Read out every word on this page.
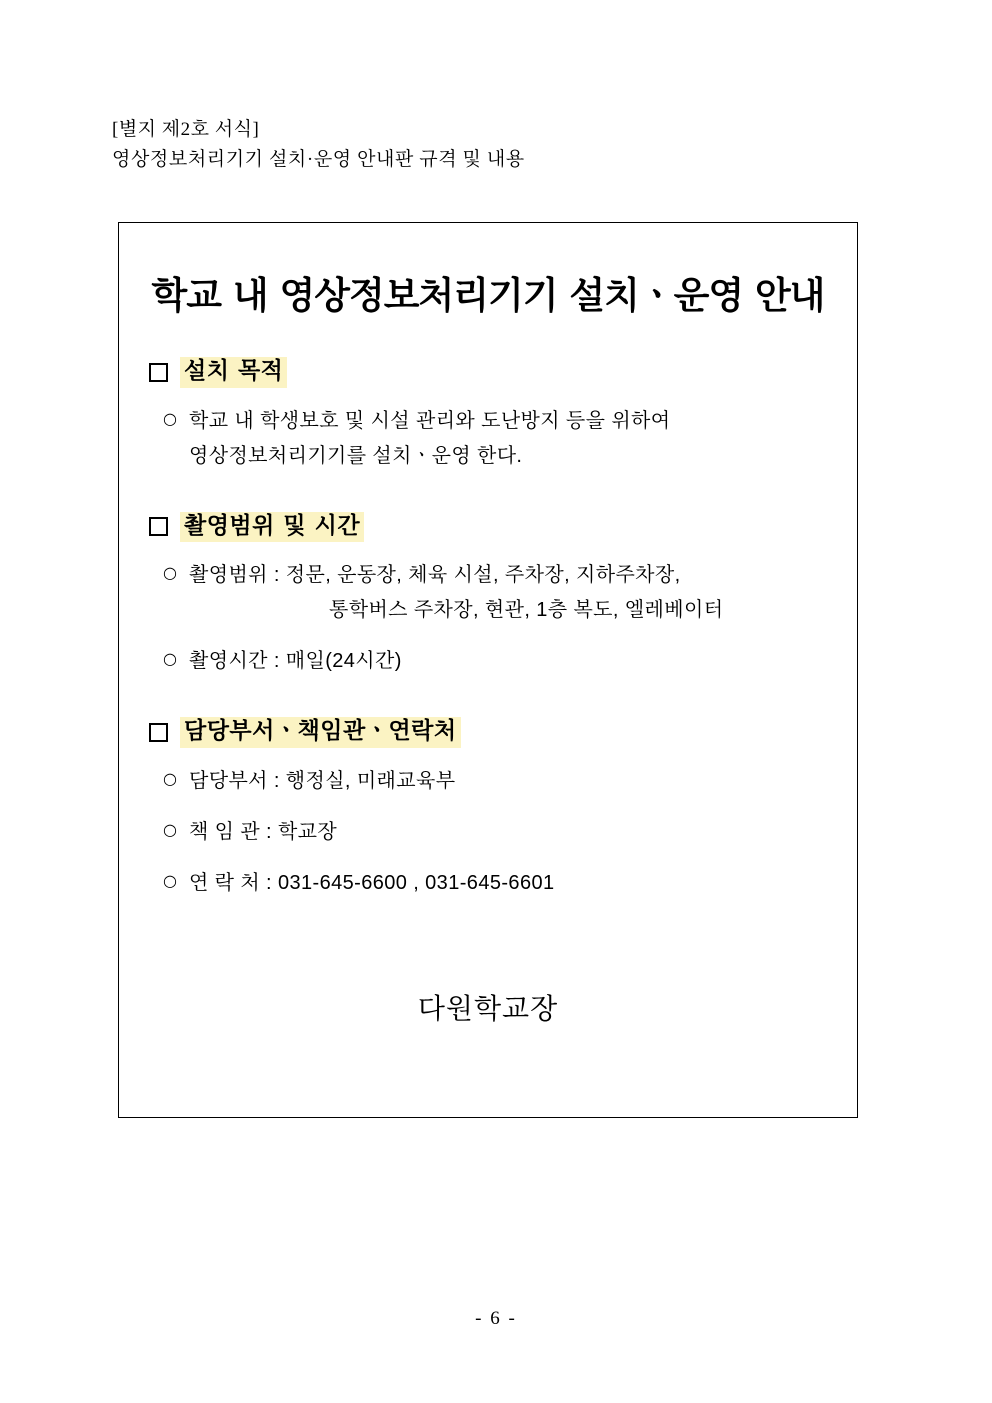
[별지 제2호 서식]
영상정보처리기기 설치·운영 안내판 규격 및 내용
학교 내 영상정보처리기기 설치ㆍ운영 안내
설치 목적
○ 학교 내 학생보호 및 시설 관리와 도난방지 등을 위하여
영상정보처리기기를 설치ㆍ운영 한다.
촬영범위 및 시간
○ 촬영범위 : 정문, 운동장, 체육 시설, 주차장, 지하주차장,
통학버스 주차장, 현관, 1층 복도, 엘레베이터
○ 촬영시간 : 매일(24시간)
담당부서ㆍ책임관ㆍ연락처
○ 담당부서 : 행정실, 미래교육부
○ 책 임 관 : 학교장
○ 연 락 처 : 031-645-6600 , 031-645-6601
다원학교장
- 6 -
